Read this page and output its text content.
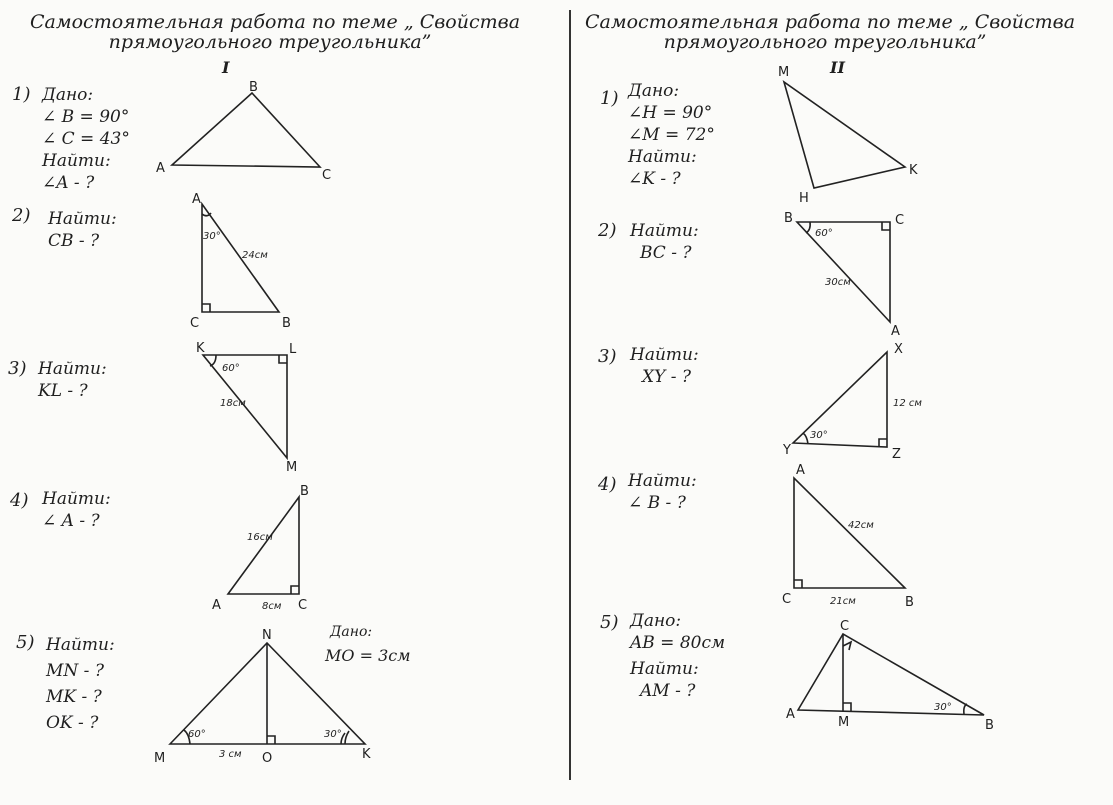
Самостоятельная работа по теме „ Свойства
прямоугольного треугольника”
I
Самостоятельная работа по теме „ Свойства
прямоугольного треугольника”
II
1) Дано:
∠ B = 90°
∠ C = 43°
Найти:
∠A - ?
2) Найти:
CB - ?
3) Найти:
KL - ?
4) Найти:
∠ A - ?
5) Найти:
MN - ?
MK - ?
OK - ?
Дано:
MO = 3см
1) Дано:
∠H = 90°
∠M = 72°
Найти:
∠K - ?
2) Найти:
BC - ?
3) Найти:
XY - ?
4) Найти:
∠ B - ?
5) Дано:
AB = 80см
Найти:
AM - ?
A
B
C
A
C	B
30°
24см
K	L
M
60°
18см
A	C
B
16см
8см
M
N
K
O
60°	30°
3 см
M
H
K
B	C
A
60°
30см
X
Y	Z
30°
12 см
A
C	B
42см
21см
A
C
B
M
30°
